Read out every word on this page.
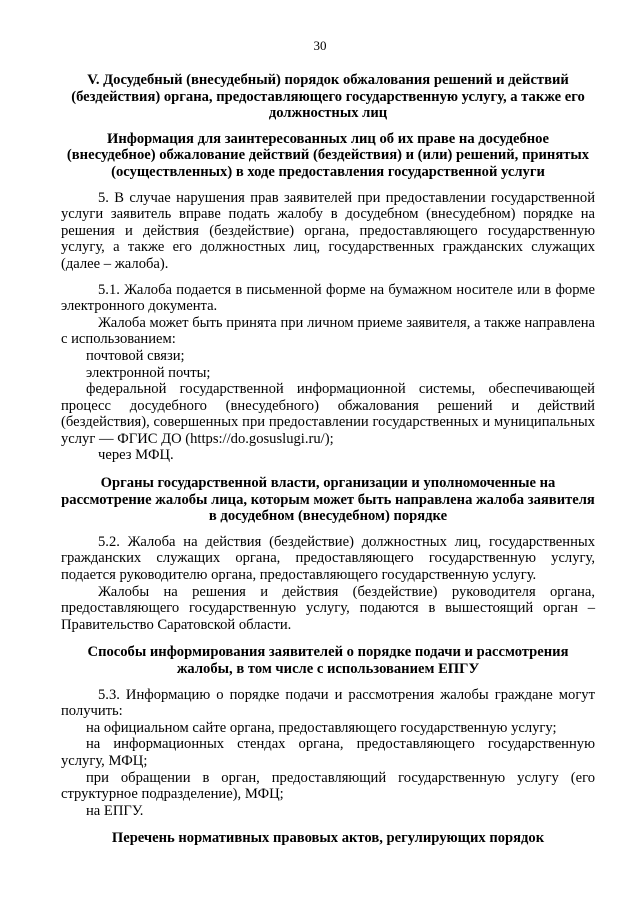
30

V. Досудебный (внесудебный) порядок обжалования решений и действий (бездействия) органа, предоставляющего государственную услугу, а также его должностных лиц

Информация для заинтересованных лиц об их праве на досудебное (внесудебное) обжалование действий (бездействия) и (или) решений, принятых (осуществленных) в ходе предоставления государственной услуги

5. В случае нарушения прав заявителей при предоставлении государственной услуги заявитель вправе подать жалобу в досудебном (внесудебном) порядке на решения и действия (бездействие) органа, предоставляющего государственную услугу, а также его должностных лиц, государственных гражданских служащих (далее – жалоба).

5.1. Жалоба подается в письменной форме на бумажном носителе или в форме электронного документа.

Жалоба может быть принята при личном приеме заявителя, а также направлена с использованием:

почтовой связи;

электронной почты;

федеральной государственной информационной системы, обеспечивающей процесс досудебного (внесудебного) обжалования решений и действий (бездействия), совершенных при предоставлении государственных и муниципальных услуг — ФГИС ДО (https://do.gosuslugi.ru/);

через МФЦ.

Органы государственной власти, организации и уполномоченные на рассмотрение жалобы лица, которым может быть направлена жалоба заявителя в досудебном (внесудебном) порядке

5.2. Жалоба на действия (бездействие) должностных лиц, государственных гражданских служащих органа, предоставляющего государственную услугу, подается руководителю органа, предоставляющего государственную услугу.

Жалобы на решения и действия (бездействие) руководителя органа, предоставляющего государственную услугу, подаются в вышестоящий орган – Правительство Саратовской области.

Способы информирования заявителей о порядке подачи и рассмотрения жалобы, в том числе с использованием ЕПГУ

5.3. Информацию о порядке подачи и рассмотрения жалобы граждане могут получить:

на официальном сайте органа, предоставляющего государственную услугу;

на информационных стендах органа, предоставляющего государственную услугу, МФЦ;

при обращении в орган, предоставляющий государственную услугу (его структурное подразделение), МФЦ;

на ЕПГУ.

Перечень нормативных правовых актов, регулирующих порядок
